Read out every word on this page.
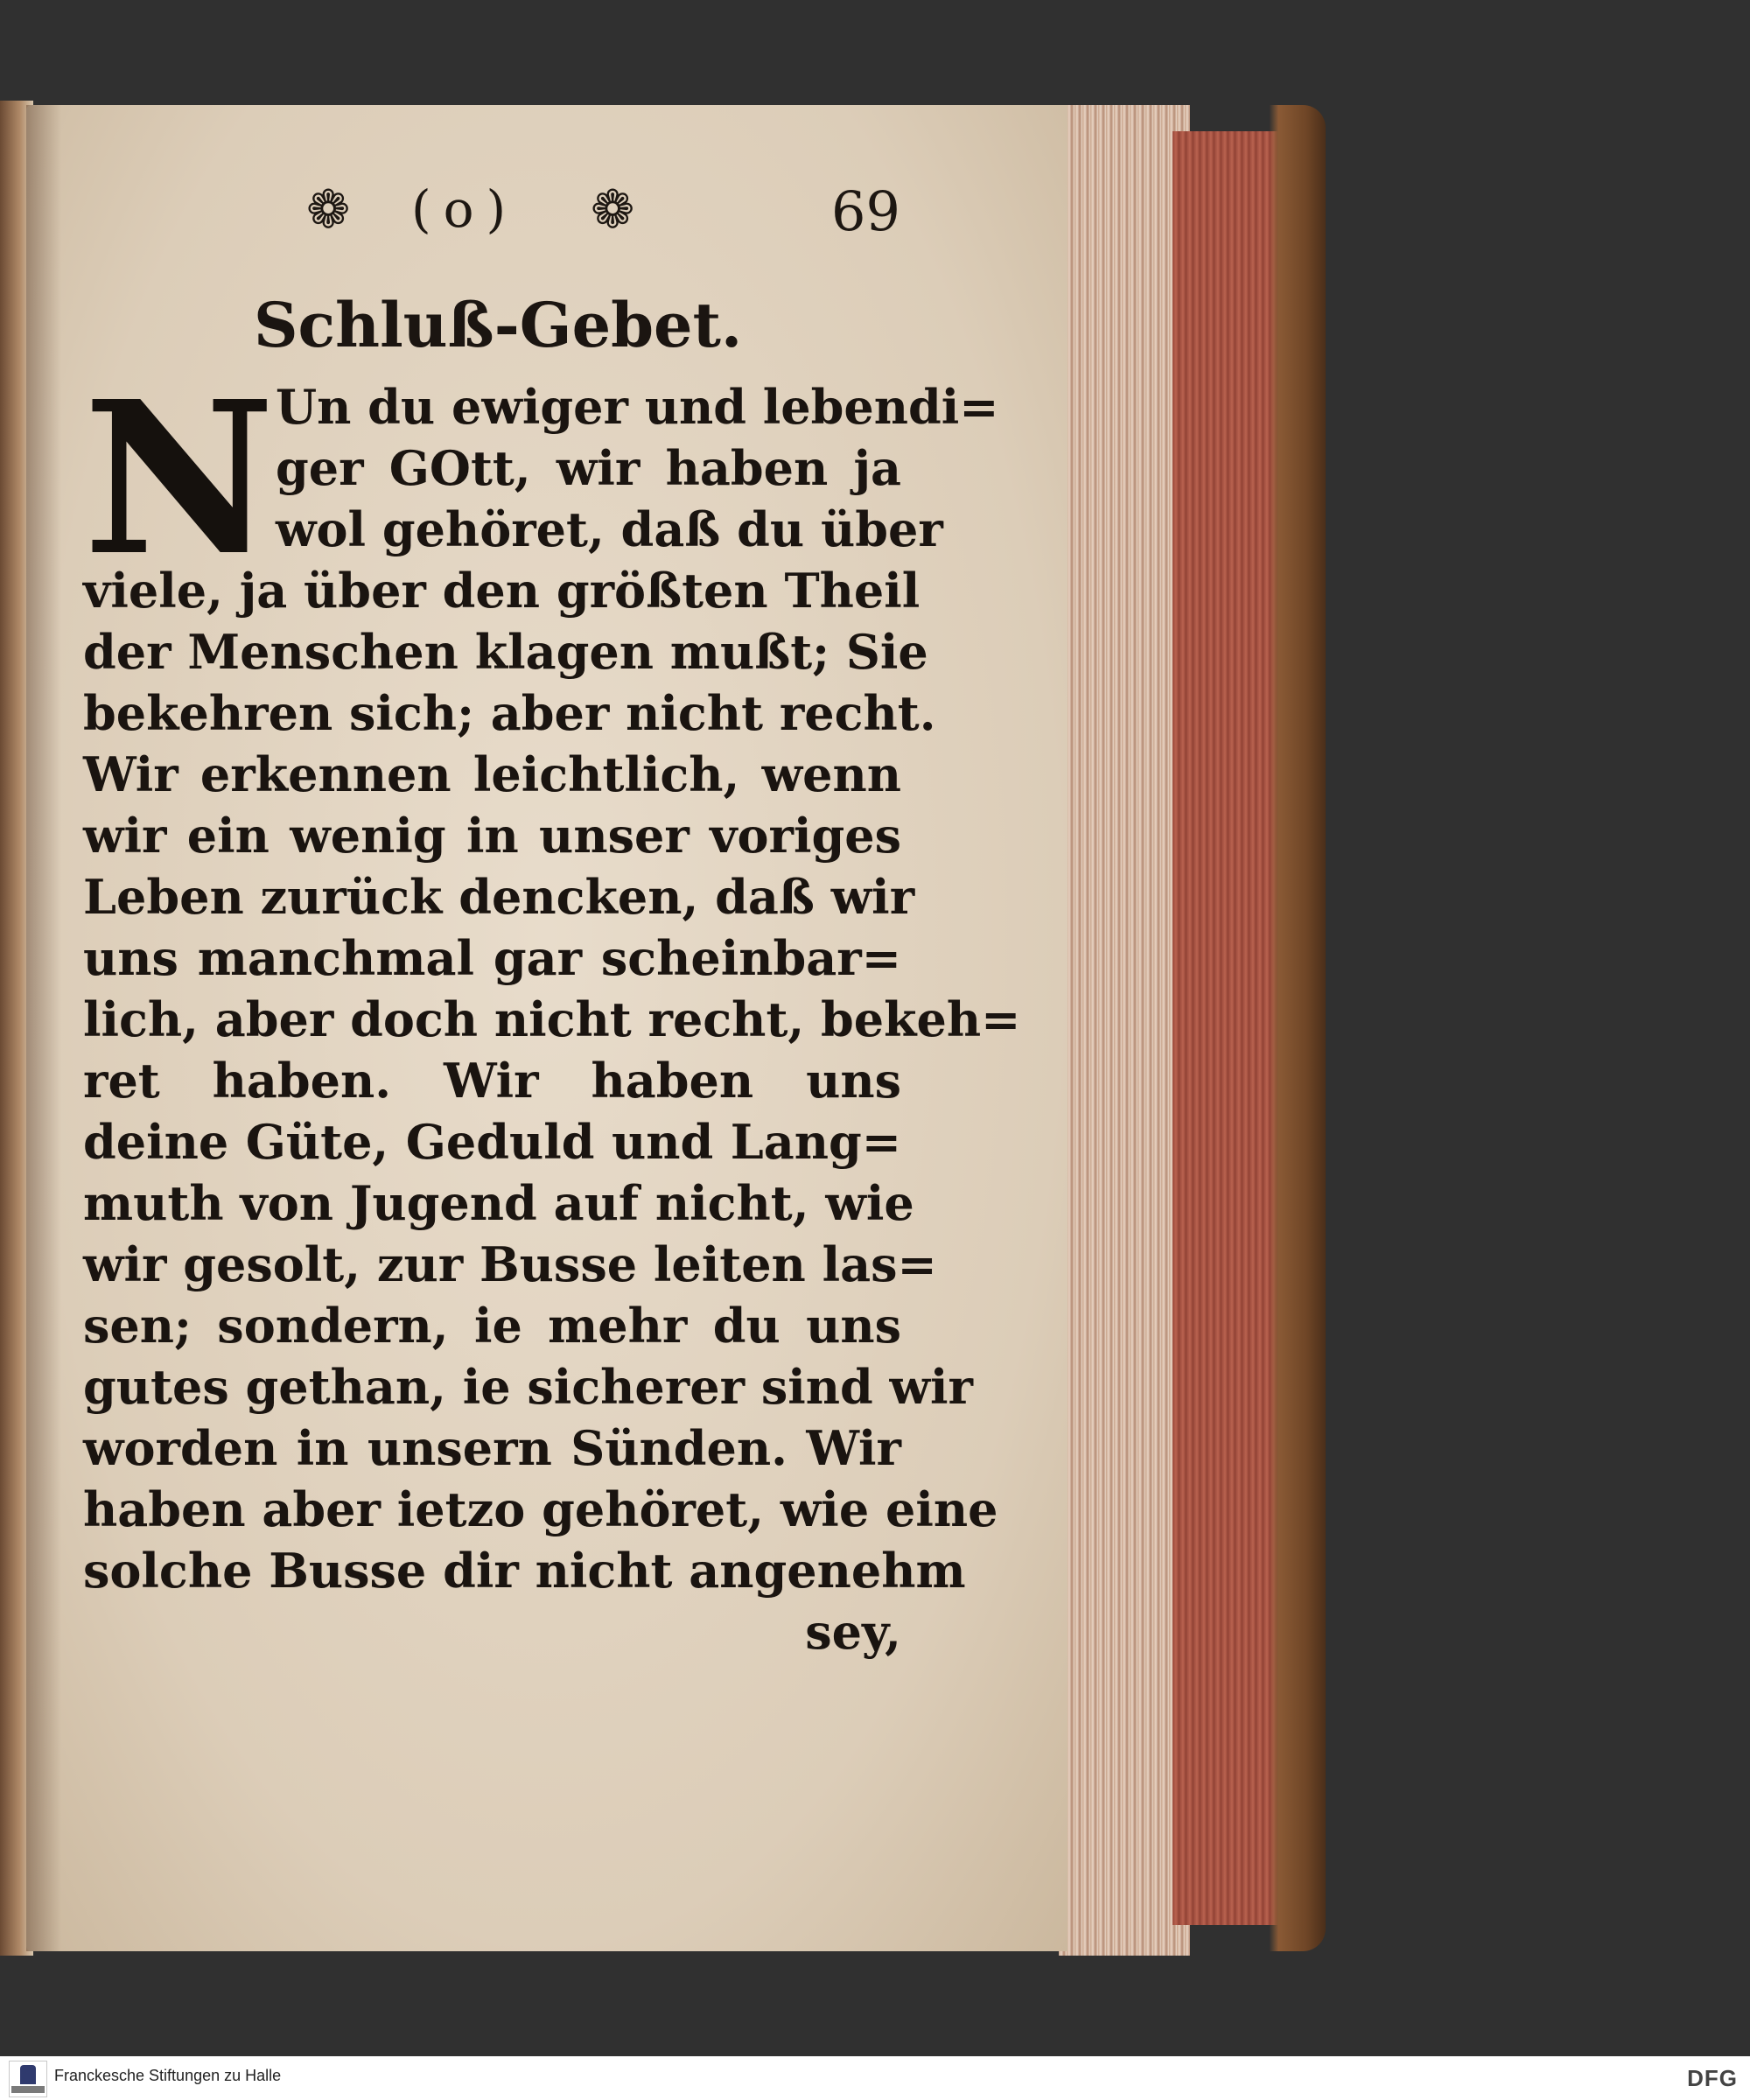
❁ (o) ❁	69
Schluß-Gebet.
N Un du ewiger und lebendi=
ger GOtt, wir haben ja
wol gehöret, daß du über
viele, ja über den größten Theil
der Menschen klagen mußt; Sie
bekehren sich; aber nicht recht.
Wir erkennen leichtlich, wenn
wir ein wenig in unser voriges
Leben zurück dencken, daß wir
uns manchmal gar scheinbar=
lich, aber doch nicht recht, bekeh=
ret haben. Wir haben uns
deine Güte, Geduld und Lang=
muth von Jugend auf nicht, wie
wir gesolt, zur Busse leiten las=
sen; sondern, ie mehr du uns
gutes gethan, ie sicherer sind wir
worden in unsern Sünden. Wir
haben aber ietzo gehöret, wie eine
solche Busse dir nicht angenehm
sey,
Franckesche Stiftungen zu Halle	DFG
